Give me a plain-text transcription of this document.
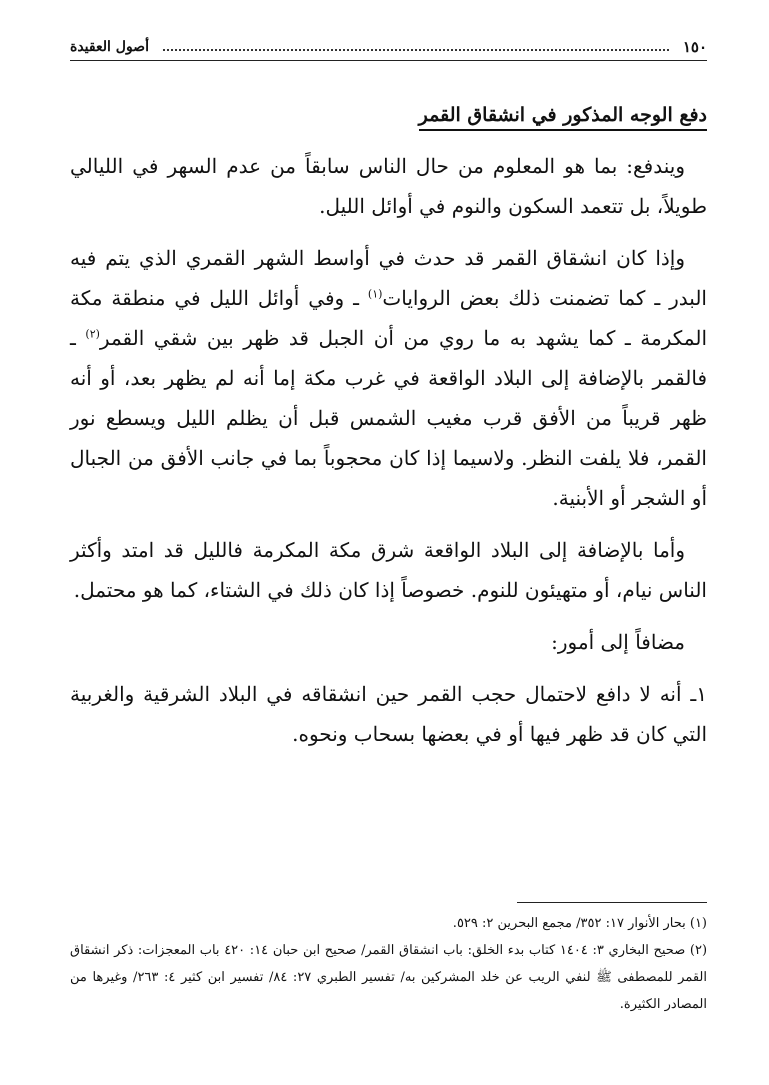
١٥٠
أصول العقيدة
دفع الوجه المذكور في انشقاق القمر

ويندفع: بما هو المعلوم من حال الناس سابقاً من عدم السهر في الليالي طويلاً، بل تتعمد السكون والنوم في أوائل الليل.

وإذا كان انشقاق القمر قد حدث في أواسط الشهر القمري الذي يتم فيه البدر ـ كما تضمنت ذلك بعض الروايات$^{(١)}$ ـ وفي أوائل الليل في منطقة مكة المكرمة ـ كما يشهد به ما روي من أن الجبل قد ظهر بين شقي القمر$^{(٢)}$ ـ فالقمر بالإضافة إلى البلاد الواقعة في غرب مكة إما أنه لم يظهر بعد، أو أنه ظهر قريباً من الأفق قرب مغيب الشمس قبل أن يظلم الليل ويسطع نور القمر، فلا يلفت النظر. ولاسيما إذا كان محجوباً بما في جانب الأفق من الجبال أو الشجر أو الأبنية.

وأما بالإضافة إلى البلاد الواقعة شرق مكة المكرمة فالليل قد امتد وأكثر الناس نيام، أو متهيئون للنوم. خصوصاً إذا كان ذلك في الشتاء، كما هو محتمل.

مضافاً إلى أمور:

١ـ أنه لا دافع لاحتمال حجب القمر حين انشقاقه في البلاد الشرقية والغربية التي كان قد ظهر فيها أو في بعضها بسحاب ونحوه.

(١) بحار الأنوار ١٧: ٣٥٢/ مجمع البحرين ٢: ٥٢٩.

(٢) صحيح البخاري ٣: ١٤٠٤ كتاب بدء الخلق: باب انشقاق القمر/ صحيح ابن حبان ١٤: ٤٢٠ باب المعجزات: ذكر انشقاق القمر للمصطفى ﷺ لنفي الريب عن خلد المشركين به/ تفسير الطبري ٢٧: ٨٤/ تفسير ابن كثير ٤: ٢٦٣/ وغيرها من المصادر الكثيرة.
